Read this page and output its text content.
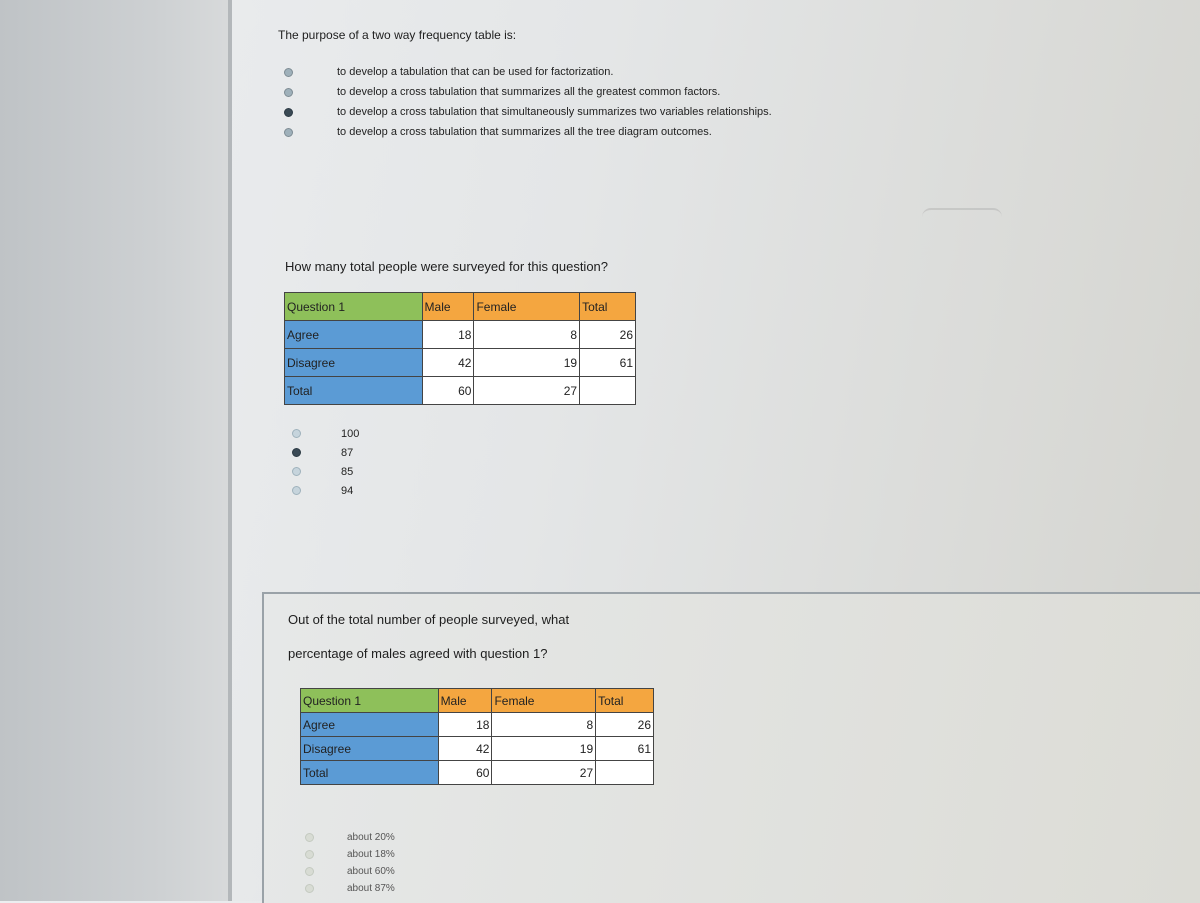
The purpose of a two way frequency table is:
to develop a tabulation that can be used for factorization.
to develop a cross tabulation that summarizes all the greatest common factors.
to develop a cross tabulation that simultaneously summarizes two variables relationships.
to develop a cross tabulation that summarizes all the tree diagram outcomes.
How many total people were surveyed for this question?
Question 1	Male	Female	Total
Agree	18	8	26
Disagree	42	19	61
Total	60	27	
100
87
85
94
Out of the total number of people surveyed, what
percentage of males agreed with question 1?
Question 1	Male	Female	Total
Agree	18	8	26
Disagree	42	19	61
Total	60	27	
about 20%
about 18%
about 60%
about 87%
